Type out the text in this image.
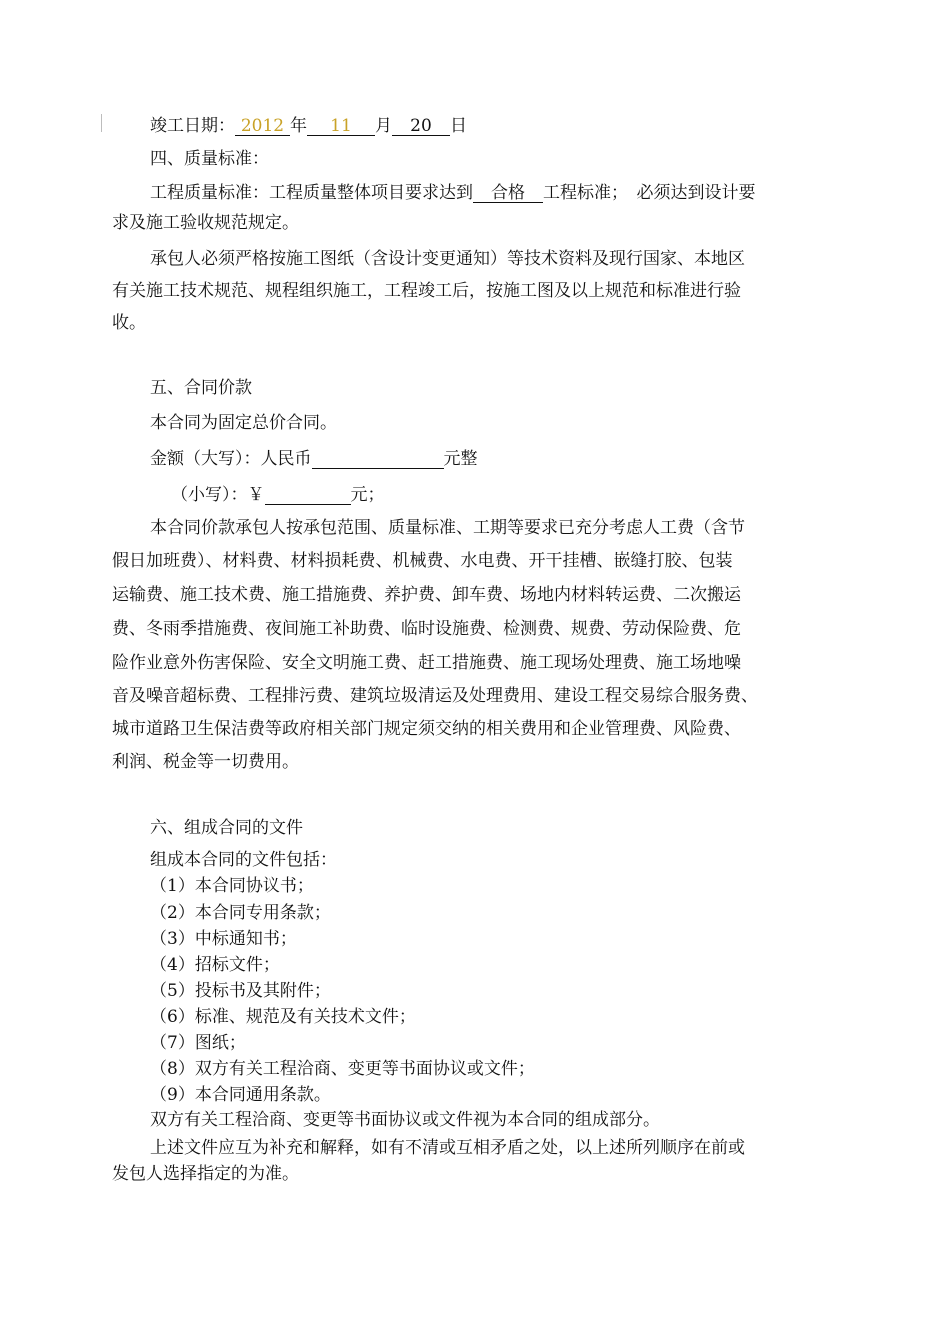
竣工日期： 2012 年 11 月 20 日
四、质量标准：
工程质量标准：工程质量整体项目要求达到 合格 工程标准；　必须达到设计要
求及施工验收规范规定。
承包人必须严格按施工图纸（含设计变更通知）等技术资料及现行国家、本地区
有关施工技术规范、规程组织施工，工程竣工后，按施工图及以上规范和标准进行验
收。
五、合同价款
本合同为固定总价合同。
金额（大写）：人民币	元整
（小写）：￥	元；
本合同价款承包人按承包范围、质量标准、工期等要求已充分考虑人工费（含节
假日加班费）、材料费、材料损耗费、机械费、水电费、开干挂槽、嵌缝打胶、包装
运输费、施工技术费、施工措施费、养护费、卸车费、场地内材料转运费、二次搬运
费、冬雨季措施费、夜间施工补助费、临时设施费、检测费、规费、劳动保险费、危
险作业意外伤害保险、安全文明施工费、赶工措施费、施工现场处理费、施工场地噪
音及噪音超标费、工程排污费、建筑垃圾清运及处理费用、建设工程交易综合服务费、
城市道路卫生保洁费等政府相关部门规定须交纳的相关费用和企业管理费、风险费、
利润、税金等一切费用。
六、组成合同的文件
组成本合同的文件包括：
（1）本合同协议书；
（2）本合同专用条款；
（3）中标通知书；
（4）招标文件；
（5）投标书及其附件；
（6）标准、规范及有关技术文件；
（7）图纸；
（8）双方有关工程洽商、变更等书面协议或文件；
（9）本合同通用条款。
双方有关工程洽商、变更等书面协议或文件视为本合同的组成部分。
上述文件应互为补充和解释，如有不清或互相矛盾之处，以上述所列顺序在前或
发包人选择指定的为准。
